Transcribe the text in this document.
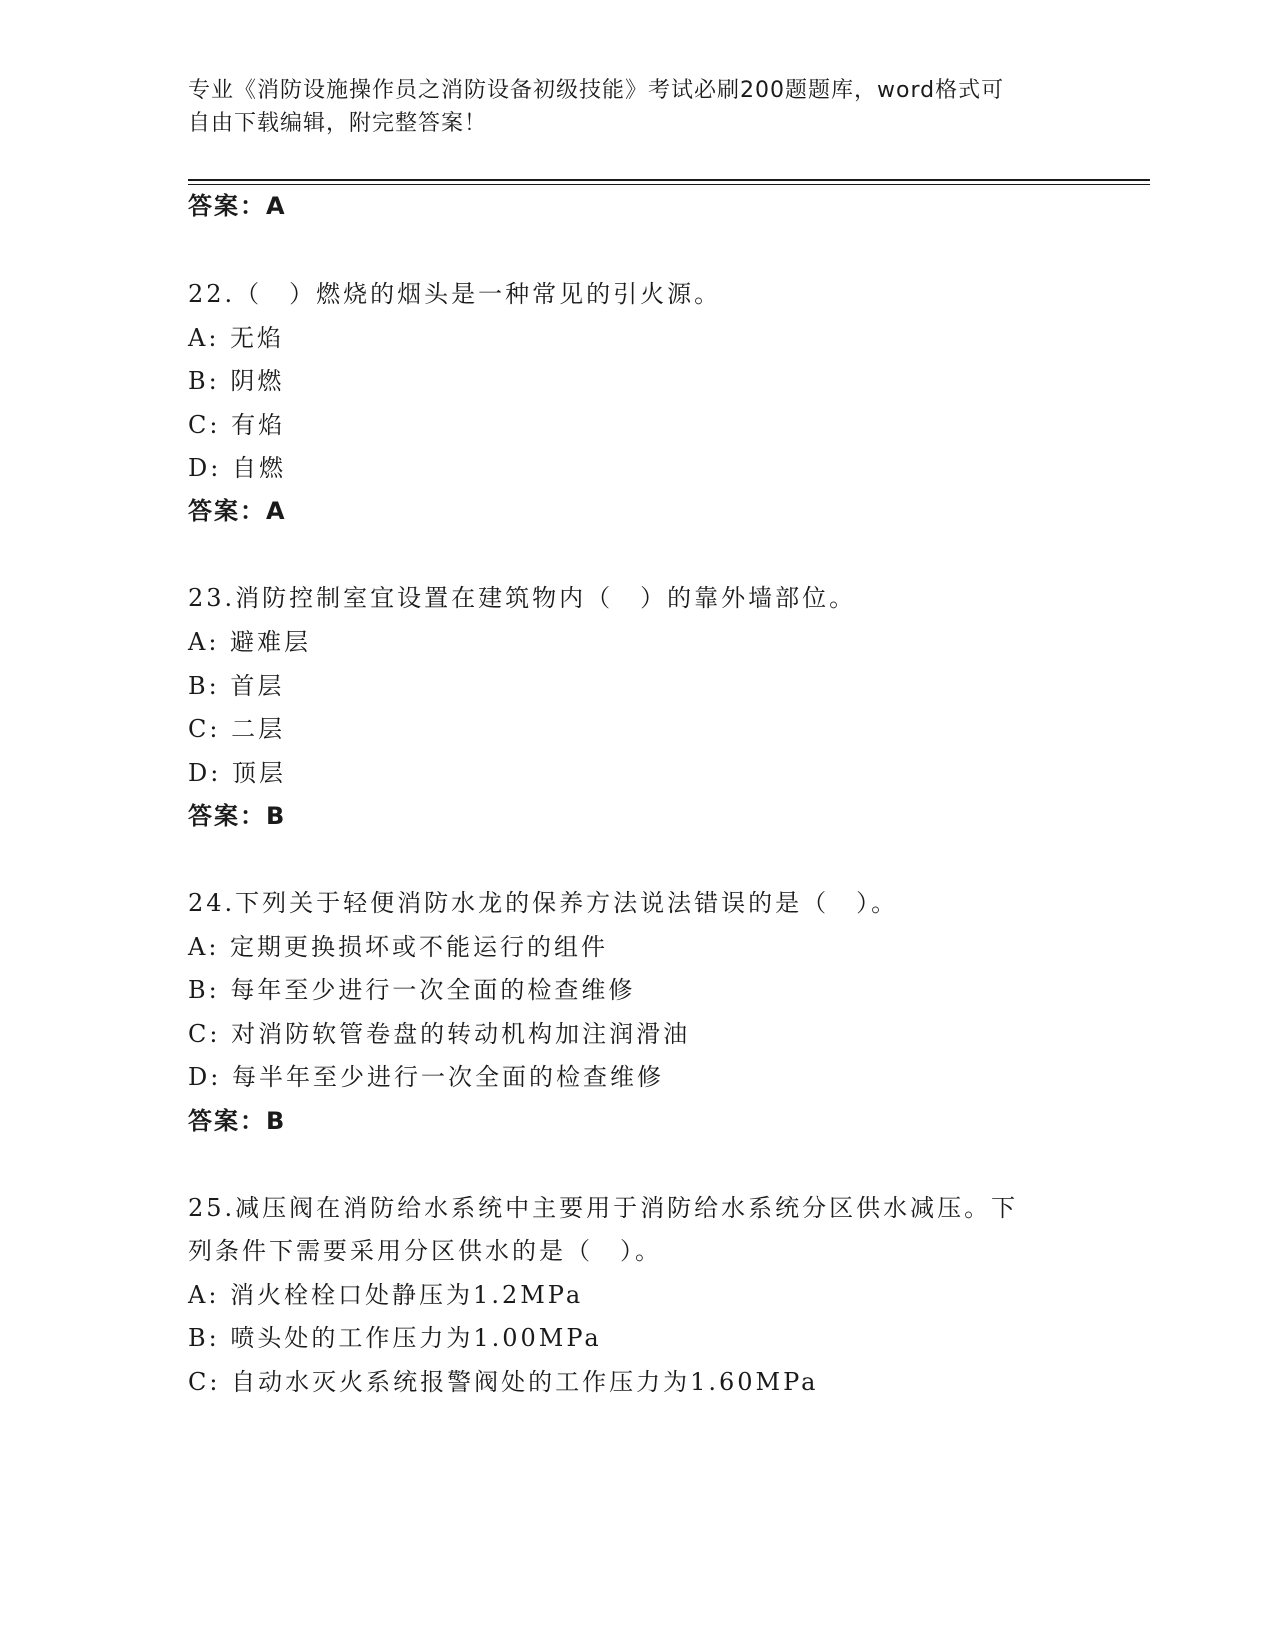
专业《消防设施操作员之消防设备初级技能》考试必刷200题题库，word格式可
自由下载编辑，附完整答案！
答案：A
22.（　）燃烧的烟头是一种常见的引火源。
A: 无焰
B: 阴燃
C: 有焰
D: 自燃
答案：A
23.消防控制室宜设置在建筑物内（　）的靠外墙部位。
A: 避难层
B: 首层
C: 二层
D: 顶层
答案：B
24.下列关于轻便消防水龙的保养方法说法错误的是（　）。
A: 定期更换损坏或不能运行的组件
B: 每年至少进行一次全面的检查维修
C: 对消防软管卷盘的转动机构加注润滑油
D: 每半年至少进行一次全面的检查维修
答案：B
25.减压阀在消防给水系统中主要用于消防给水系统分区供水减压。下
列条件下需要采用分区供水的是（　）。
A: 消火栓栓口处静压为1.2MPa
B: 喷头处的工作压力为1.00MPa
C: 自动水灭火系统报警阀处的工作压力为1.60MPa
